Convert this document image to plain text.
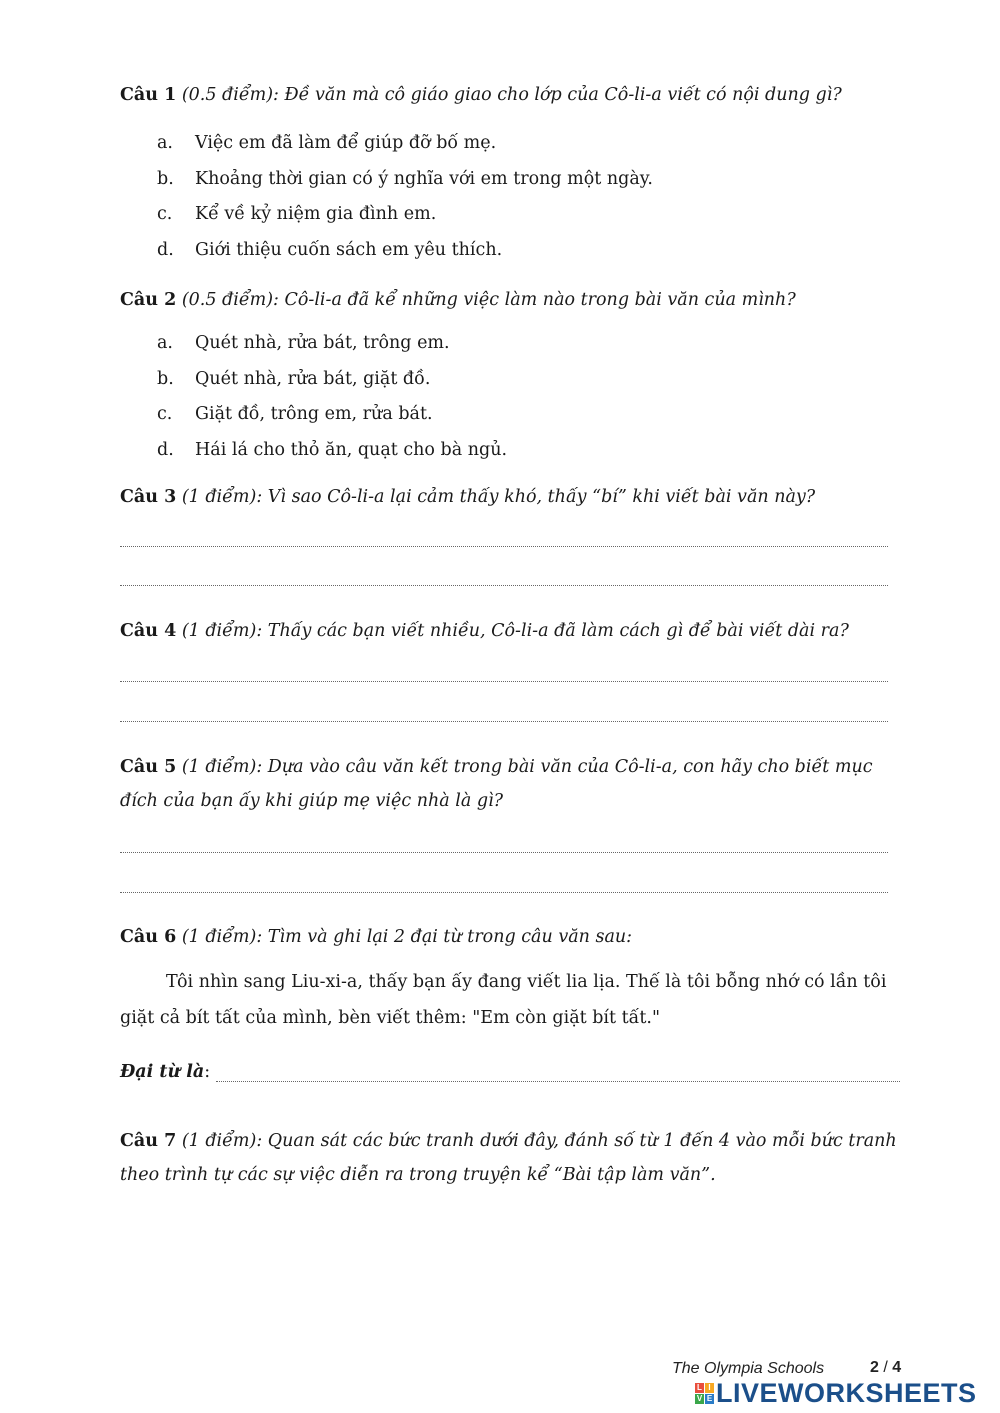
Câu 1 (0.5 điểm): Đề văn mà cô giáo giao cho lớp của Cô-li-a viết có nội dung gì?
a.	Việc em đã làm để giúp đỡ bố mẹ.
b.	Khoảng thời gian có ý nghĩa với em trong một ngày.
c.	Kể về kỷ niệm gia đình em.
d.	Giới thiệu cuốn sách em yêu thích.
Câu 2 (0.5 điểm): Cô-li-a đã kể những việc làm nào trong bài văn của mình?
a.	Quét nhà, rửa bát, trông em.
b.	Quét nhà, rửa bát, giặt đồ.
c.	Giặt đồ, trông em, rửa bát.
d.	Hái lá cho thỏ ăn, quạt cho bà ngủ.
Câu 3 (1 điểm): Vì sao Cô-li-a lại cảm thấy khó, thấy “bí” khi viết bài văn này?
Câu 4 (1 điểm): Thấy các bạn viết nhiều, Cô-li-a đã làm cách gì để bài viết dài ra?
Câu 5 (1 điểm): Dựa vào câu văn kết trong bài văn của Cô-li-a, con hãy cho biết mục đích của bạn ấy khi giúp mẹ việc nhà là gì?
Câu 6 (1 điểm): Tìm và ghi lại 2 đại từ trong câu văn sau:
Tôi nhìn sang Liu-xi-a, thấy bạn ấy đang viết lia lịa. Thế là tôi bỗng nhớ có lần tôi giặt cả bít tất của mình, bèn viết thêm: "Em còn giặt bít tất."
Đại từ là :
Câu 7 (1 điểm): Quan sát các bức tranh dưới đây, đánh số từ 1 đến 4 vào mỗi bức tranh theo trình tự các sự việc diễn ra trong truyện kể “Bài tập làm văn”.
The Olympia Schools	2 / 4
L I
V E LIVEWORKSHEETS
